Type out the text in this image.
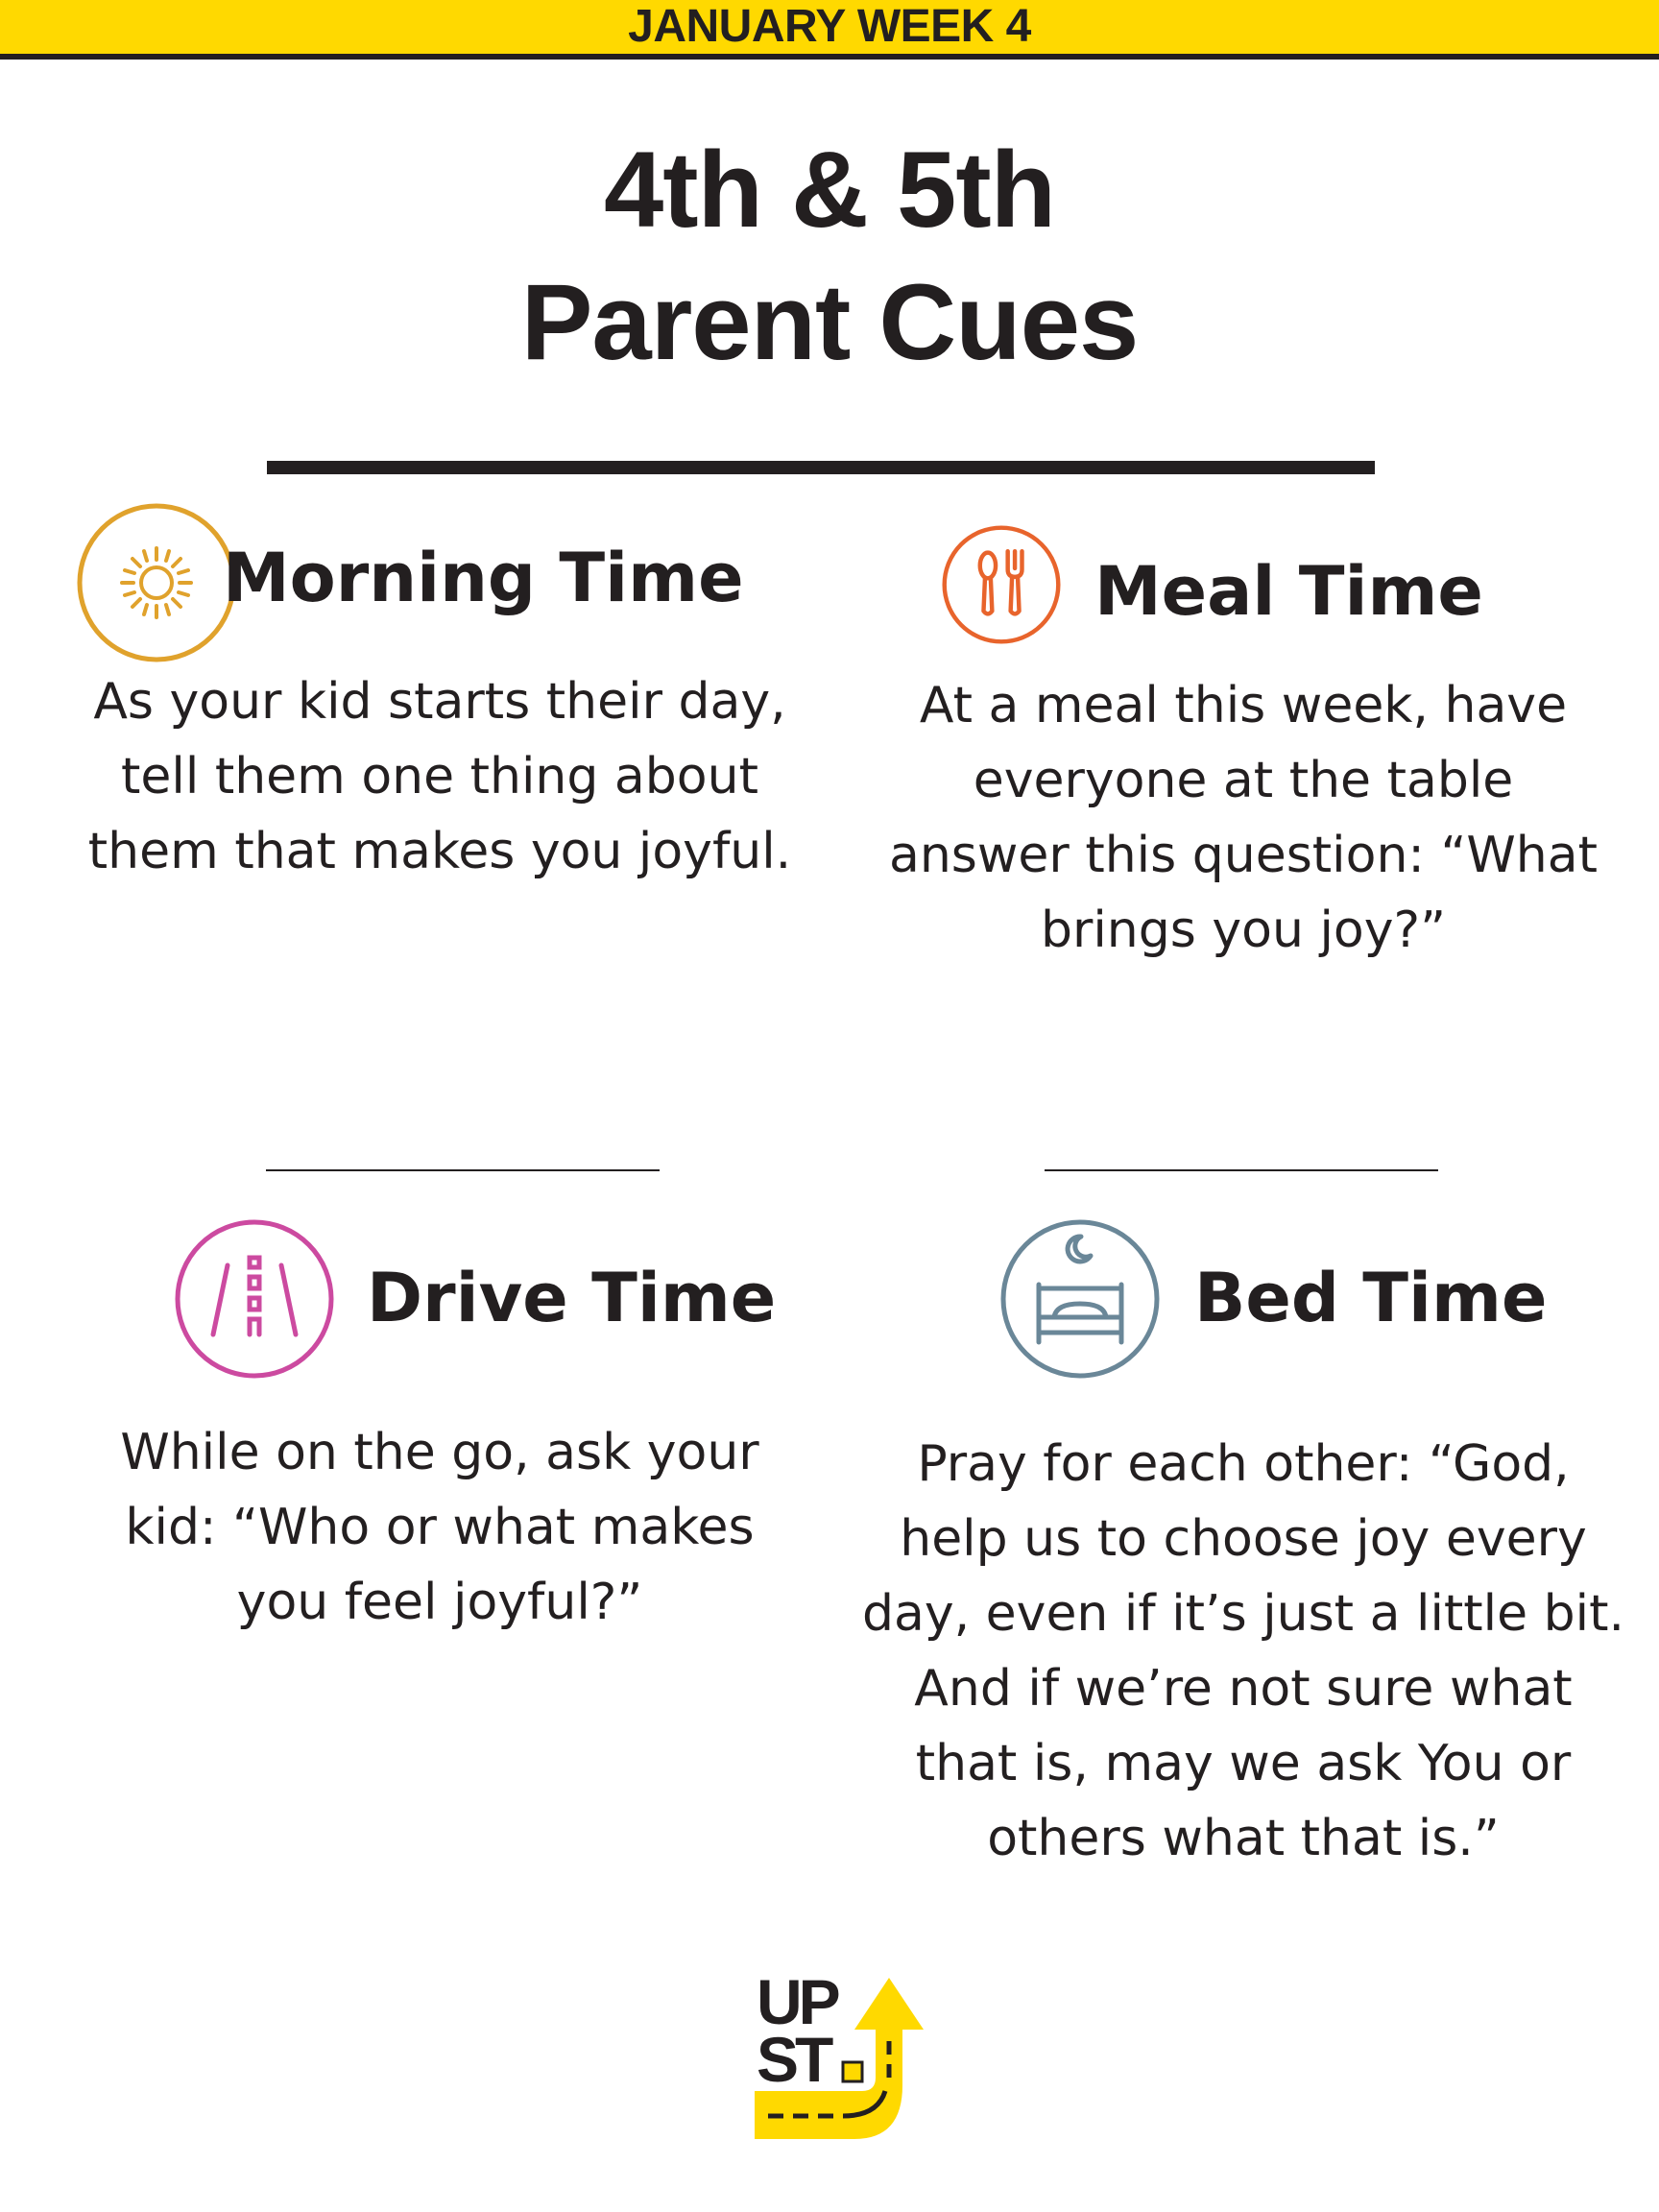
JANUARY WEEK 4
4th & 5th
Parent Cues
Morning Time
As your kid starts their day,
tell them one thing about
them that makes you joyful.
Meal Time
At a meal this week, have
everyone at the table
answer this question: “What
brings you joy?”
Drive Time
While on the go, ask your
kid: “Who or what makes
you feel joyful?”
Bed Time
Pray for each other: “God,
help us to choose joy every
day, even if it’s just a little bit.
And if we’re not sure what
that is, may we ask You or
others what that is.”
UP
ST
